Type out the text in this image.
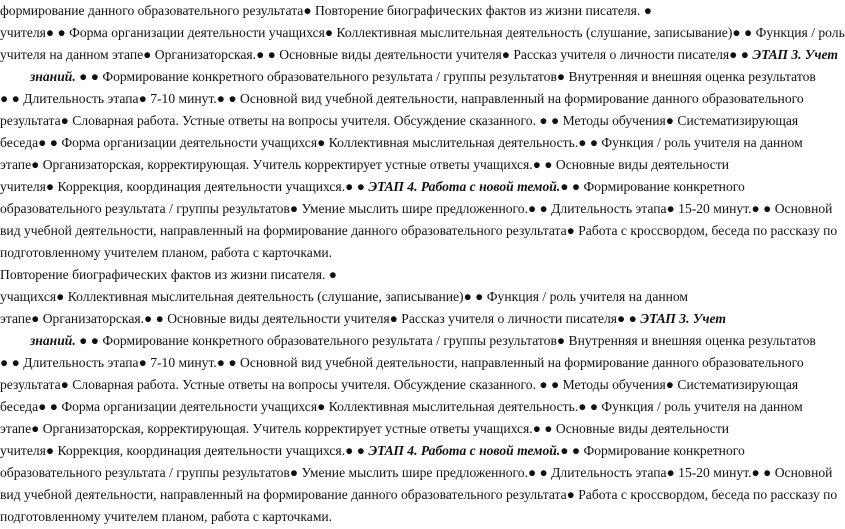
формирование данного образовательного результата● Повторение биографических фактов из жизни писателя. ●
учителя● ● Форма организации деятельности учащихся● Коллективная мыслительная деятельность (слушание, записывание)● ● Функция / роль
учителя на данном этапе● Организаторская.● ● Основные виды деятельности учителя● Рассказ учителя о личности писателя● ● ЭТАП 3. Учет
знаний. ● ● Формирование конкретного образовательного результата / группы результатов● Внутренняя и внешняя оценка результатов
● ● Длительность этапа● 7-10 минут.● ● Основной вид учебной деятельности, направленный на формирование данного образовательного
результата● Словарная работа. Устные ответы на вопросы учителя. Обсуждение сказанного. ● ● Методы обучения● Систематизирующая
беседа● ● Форма организации деятельности учащихся● Коллективная мыслительная деятельность.● ● Функция / роль учителя на данном
этапе● Организаторская, корректирующая. Учитель корректирует устные ответы учащихся.● ● Основные виды деятельности
учителя● Коррекция, координация деятельности учащихся.● ● ЭТАП 4. Работа с новой темой.● ● Формирование конкретного
образовательного результата / группы результатов● Умение мыслить шире предложенного.● ● Длительность этапа● 15-20 минут.● ● Основной
вид учебной деятельности, направленный на формирование данного образовательного результата● Работа с кроссвордом, беседа по рассказу по
подготовленному учителем планом, работа с карточками.
Повторение биографических фактов из жизни писателя. ●
учащихся● Коллективная мыслительная деятельность (слушание, записывание)● ● Функция / роль учителя на данном
этапе● Организаторская.● ● Основные виды деятельности учителя● Рассказ учителя о личности писателя● ● ЭТАП 3. Учет
знаний. ● ● Формирование конкретного образовательного результата / группы результатов● Внутренняя и внешняя оценка результатов
● ● Длительность этапа● 7-10 минут.● ● Основной вид учебной деятельности, направленный на формирование данного образовательного
результата● Словарная работа. Устные ответы на вопросы учителя. Обсуждение сказанного. ● ● Методы обучения● Систематизирующая
беседа● ● Форма организации деятельности учащихся● Коллективная мыслительная деятельность.● ● Функция / роль учителя на данном
этапе● Организаторская, корректирующая. Учитель корректирует устные ответы учащихся.● ● Основные виды деятельности
учителя● Коррекция, координация деятельности учащихся.● ● ЭТАП 4. Работа с новой темой.● ● Формирование конкретного
образовательного результата / группы результатов● Умение мыслить шире предложенного.● ● Длительность этапа● 15-20 минут.● ● Основной
вид учебной деятельности, направленный на формирование данного образовательного результата● Работа с кроссвордом, беседа по рассказу по
подготовленному учителем планом, работа с карточками.
